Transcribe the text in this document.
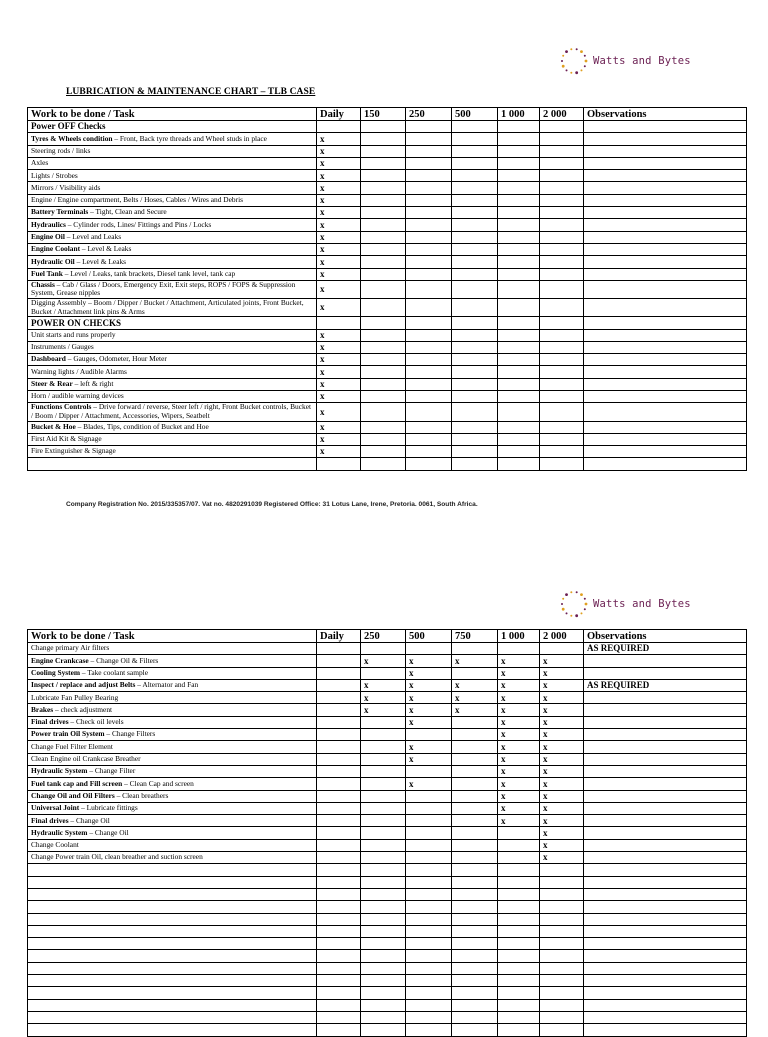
Watts and Bytes
LUBRICATION & MAINTENANCE CHART – TLB CASE
Work to be done / Task	Daily	150	250	500	1 000	2 000	Observations
Power OFF Checks							
Tyres & Wheels condition – Front, Back tyre threads and Wheel studs in place	x						
Steering rods / links	x						
Axles	x						
Lights / Strobes	x						
Mirrors / Visibility aids	x						
Engine / Engine compartment, Belts / Hoses, Cables / Wires and Debris	x						
Battery Terminals – Tight, Clean and Secure	x						
Hydraulics – Cylinder rods, Lines/ Fittings and Pins / Locks	x						
Engine Oil – Level and Leaks	x						
Engine Coolant – Level & Leaks	x						
Hydraulic Oil – Level & Leaks	x						
Fuel Tank – Level / Leaks, tank brackets, Diesel tank level, tank cap	x						
Chassis – Cab / Glass / Doors, Emergency Exit, Exit steps, ROPS / FOPS & Suppression System, Grease nipples	x						
Digging Assembly – Boom / Dipper / Bucket / Attachment, Articulated joints, Front Bucket, Bucket / Attachment link pins & Arms	x						
POWER ON CHECKS							
Unit starts and runs properly	x						
Instruments / Gauges	x						
Dashboard – Gauges, Odometer, Hour Meter	x						
Warning lights / Audible Alarms	x						
Steer & Rear – left & right	x						
Horn / audible warning devices	x						
Functions Controls – Drive forward / reverse, Steer left / right, Front Bucket controls, Bucket / Boom / Dipper / Attachment, Accessories, Wipers, Seatbelt	x						
Bucket & Hoe – Blades, Tips, condition of Bucket and Hoe	x						
First Aid Kit & Signage	x						
Fire Extinguisher & Signage	x						

Company Registration No. 2015/335357/07. Vat no. 4820291039 Registered Office: 31 Lotus Lane, Irene, Pretoria. 0061, South Africa.
Watts and Bytes
Work to be done / Task	Daily	250	500	750	1 000	2 000	Observations
Change primary Air filters							AS REQUIRED
Engine Crankcase – Change Oil & Filters		x	x	x	x	x	
Cooling System – Take coolant sample			x		x	x	
Inspect / replace and adjust Belts – Alternator and Fan		x	x	x	x	x	AS REQUIRED
Lubricate Fan Pulley Bearing		x	x	x	x	x	
Brakes – check adjustment		x	x	x	x	x	
Final drives – Check oil levels			x		x	x	
Power train Oil System – Change Filters					x	x	
Change Fuel Filter Element			x		x	x	
Clean Engine oil Crankcase Breather			x		x	x	
Hydraulic System – Change Filter					x	x	
Fuel tank cap and Fill screen – Clean Cap and screen			x		x	x	
Change Oil and Oil Filters – Clean breathers					x	x	
Universal Joint – Lubricate fittings					x	x	
Final drives – Change Oil					x	x	
Hydraulic System – Change Oil						x	
Change Coolant						x	
Change Power train Oil, clean breather and suction screen						x	
